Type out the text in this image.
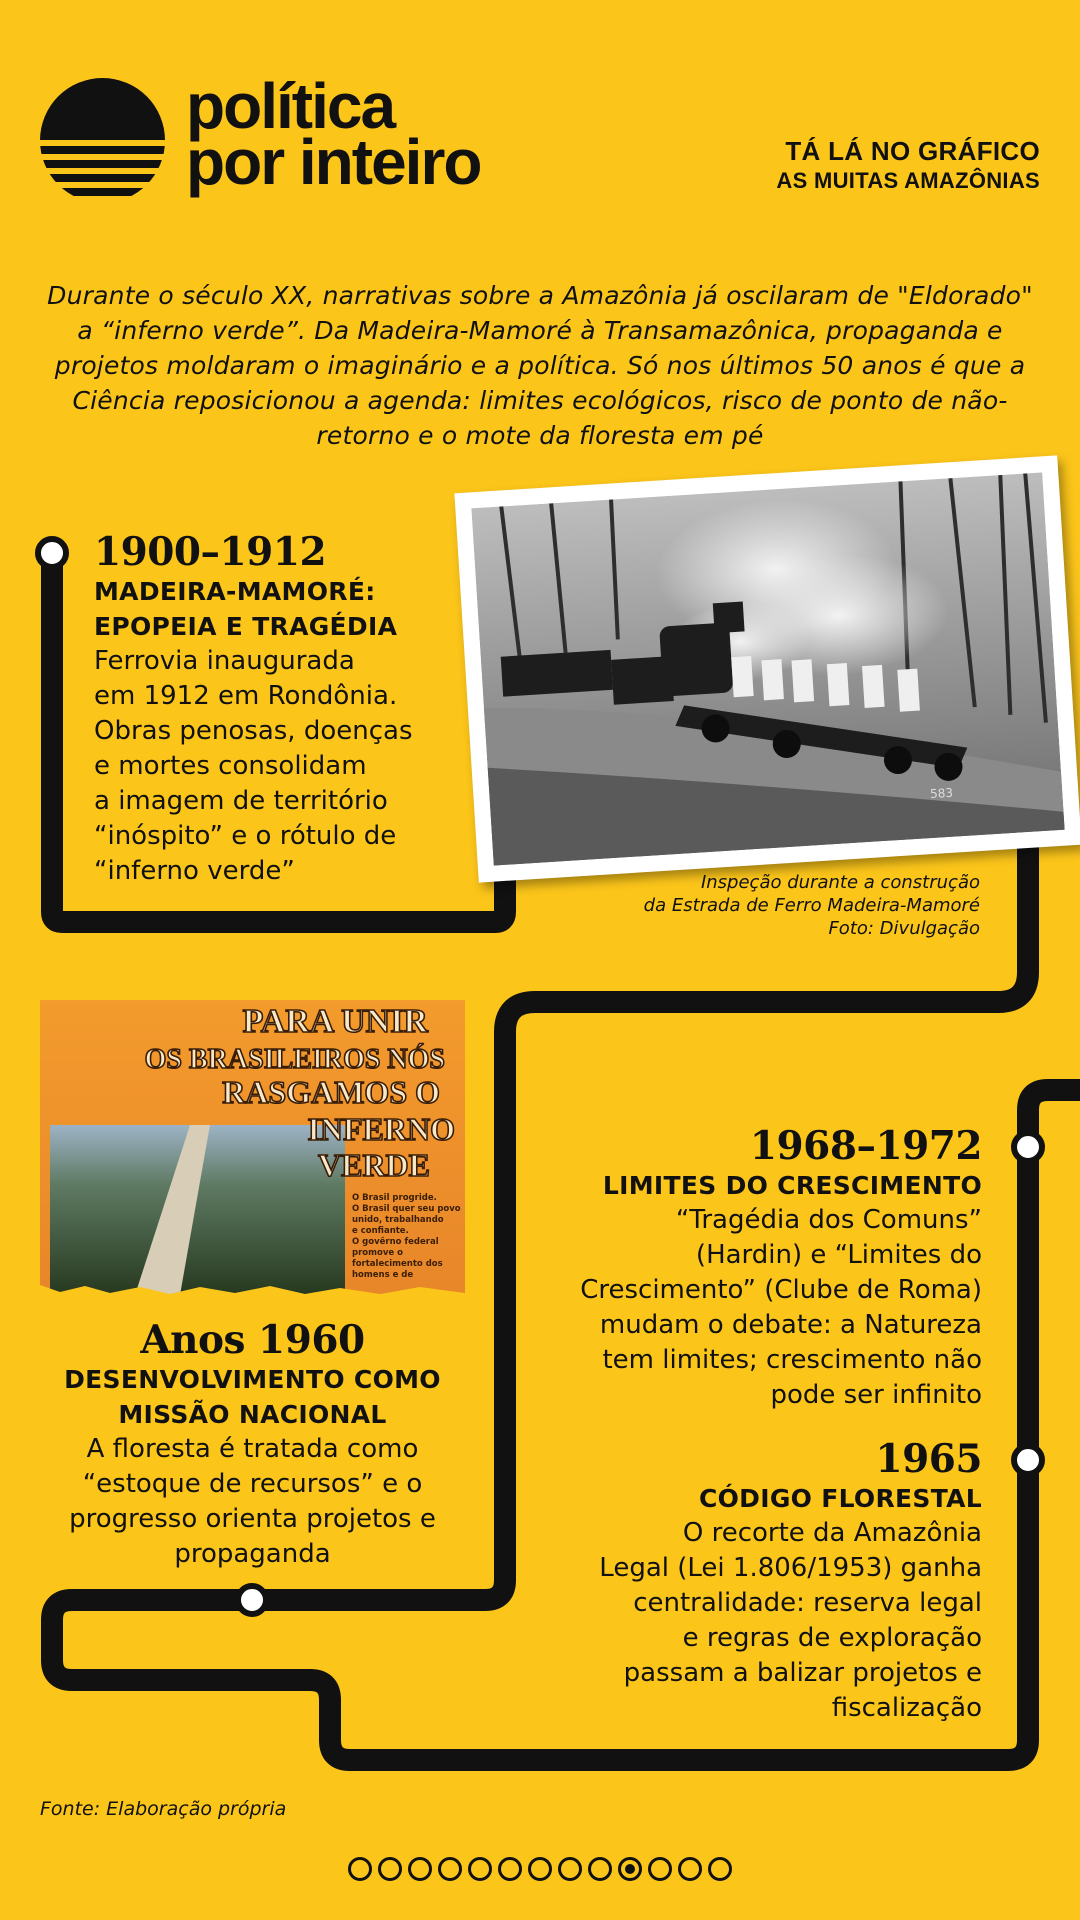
política
por inteiro	TÁ LÁ NO GRÁFICO
AS MUITAS AMAZÔNIAS
Durante o século XX, narrativas sobre a Amazônia já oscilaram de "Eldorado" a “inferno verde”. Da Madeira-Mamoré à Transamazônica, propaganda e projetos moldaram o imaginário e a política. Só nos últimos 50 anos é que a Ciência reposicionou a agenda: limites ecológicos, risco de ponto de não-retorno e o mote da floresta em pé
583
Inspeção durante a construção
da Estrada de Ferro Madeira-Mamoré
Foto: Divulgação
PARA UNIR
OS BRASILEIROS NÓS
RASGAMOS O
INFERNO
VERDE
O Brasil progride.
O Brasil quer seu povo
unido, trabalhando
e confiante.
O govêrno federal
promove o
fortalecimento dos
homens e de
1900–1912
MADEIRA-MAMORÉ:
EPOPEIA E TRAGÉDIA
Ferrovia inaugurada
em 1912 em Rondônia.
Obras penosas, doenças
e mortes consolidam
a imagem de território
“inóspito” e o rótulo de
“inferno verde”
Anos 1960
DESENVOLVIMENTO COMO
MISSÃO NACIONAL
A floresta é tratada como
“estoque de recursos” e o
progresso orienta projetos e
propaganda
1968–1972
LIMITES DO CRESCIMENTO
“Tragédia dos Comuns”
(Hardin) e “Limites do
Crescimento” (Clube de Roma)
mudam o debate: a Natureza
tem limites; crescimento não
pode ser infinito
1965
CÓDIGO FLORESTAL
O recorte da Amazônia
Legal (Lei 1.806/1953) ganha
centralidade: reserva legal
e regras de exploração
passam a balizar projetos e
fiscalização
Fonte: Elaboração própria
